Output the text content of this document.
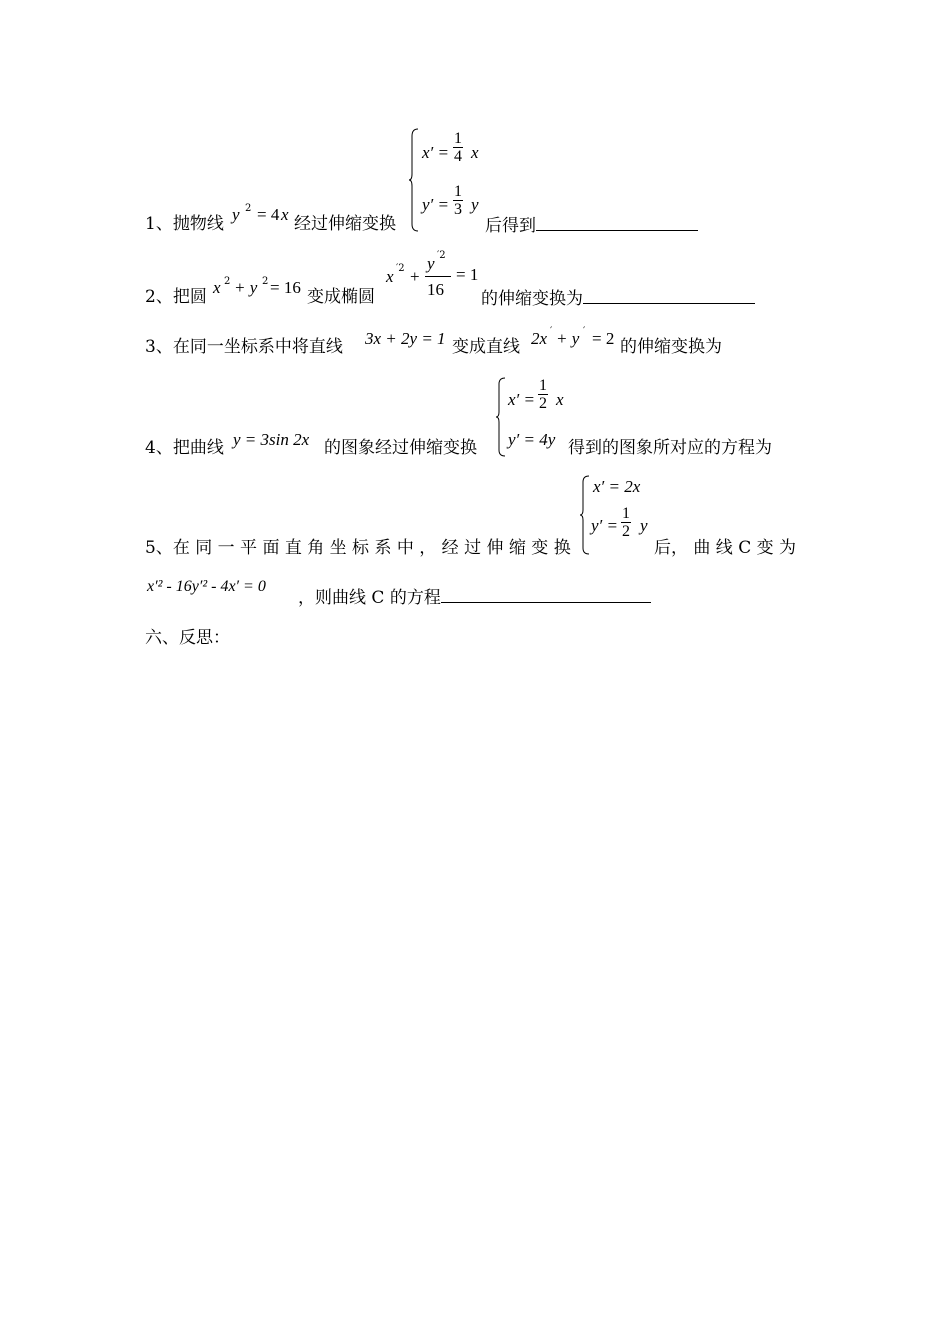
$x' = \frac{1}{4}$ x
$y' = \frac{1}{3}$ y
1、抛物线 y 2 = 4 x 经过伸缩变换	后得到
2、把圆 x 2 + y 2 = 16 变成椭圆
x ′2 +
y ′2
16
= 1
的伸缩变换为
3、在同一坐标系中将直线 3x + 2y = 1 变成直线 2x ′ + y ′ = 2 的伸缩变换为
$x' = \frac{1}{2}$ x
y′ = 4y
4、把曲线 y = 3sin 2x 的图象经过伸缩变换	得到的图象所对应的方程为
x′ = 2x
$y' = \frac{1}{2}$ y
5、在 同 一 平 面 直 角 坐 标 系 中 ， 经 过 伸 缩 变 换	后， 曲 线 C 变 为
x′² - 16y′² - 4x′ = 0
，则曲线 C 的方程
六、反思：
